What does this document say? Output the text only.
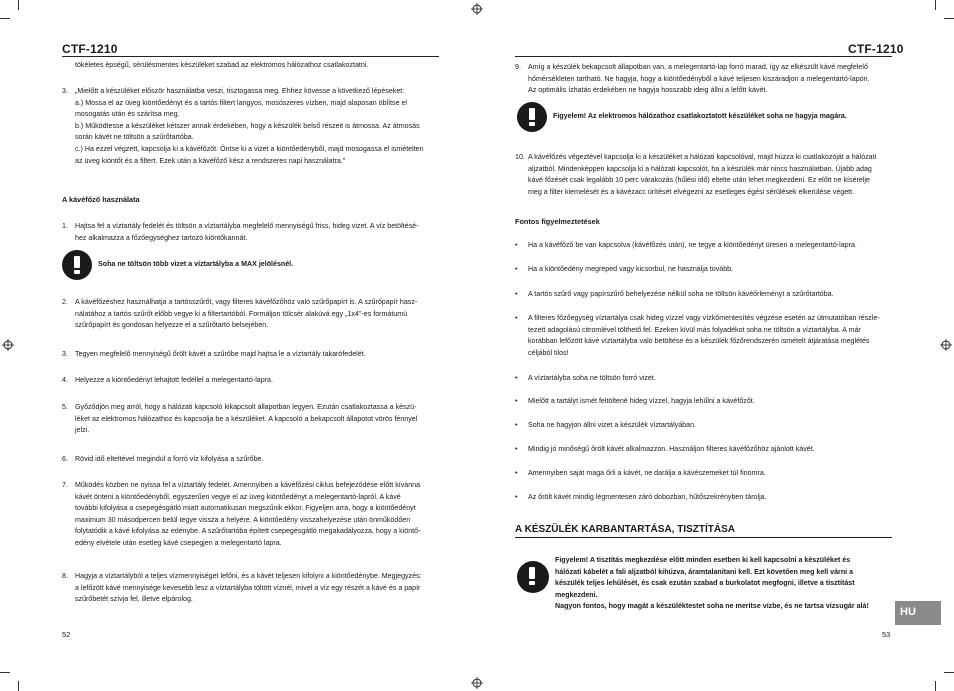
CTF-1210
tökéletes épségű, sérülésmentes készüléket szabad az elektromos hálózathoz csatlakoztatni.
3. „Mielőtt a készüléket először használatba veszi, tisztogassa meg. Ehhez kövesse a következő lépéseket:
a.) Mossa el az üveg kiöntőedényt és a tartós filtert langyos, mosószeres vízben, majd alaposan öblítse el
mosogatás után és szárítsa meg.
b.) Működtesse a készüléket kétszer annak érdekében, hogy a készülék belső részeit is átmossa. Az átmosás
során kávét ne töltsön a szűrőtartóba.
c.) Ha ezzel végzett, kapcsolja ki a kávéfőzőt. Öntse ki a vizet a kiöntőedényből, majd mosogassa el ismételten
az üveg kiöntőt és a filtert. Ezek után a kávéfőző kész a rendszeres napi használatra."
A kávéfőző használata
1. Hajtsa fel a víztartály fedelét és töltsön a víztartályba megfelelő mennyiségű friss, hideg vizet. A víz betöltésé-
hez alkalmazza a főzőegységhez tartozó kiöntőkannát.
Soha ne töltsön több vizet a víztartályba a MAX jelölésnél.
2. A kávéfőzéshez használhatja a tartósszűrőt, vagy filteres kávéfőzőhöz való szűrőpapírt is. A szűrőpapír hasz-
nálatához a tartós szűrőt előbb vegye ki a filtertartóból. Formáljon tölcsér alakúvá egy „1x4"-es formátumú
szűrőpapírt és gondosan helyezze el a szűrőtartó belsejében.
3. Tegyen megfelelő mennyiségű őrölt kávét a szűrőbe majd hajtsa le a víztartály takarófedelét.
4. Helyezze a kiöntőedényt lehajtott fedéllel a melegentartó-lapra.
5. Győződjön meg arról, hogy a hálózati kapcsoló kikapcsolt állapotban legyen. Ezután csatlakoztassa a készü-
léket az elektromos hálózathoz és kapcsolja be a készüléket. A kapcsoló a bekapcsolt állapotot vörös fénnyel
jelzi.
6. Rövid idő elteltével megindul a forró víz kifolyása a szűrőbe.
7. Működés közben ne nyissa fel a víztartály fedelét. Amennyiben a kávéfőzési ciklus befejeződése előtt kívánna
kávét önteni a kiöntőedényből, egyszerűen vegye el az üveg kiöntőedényt a melegentartó-lapról. A kávé
további kifolyása a csepegésgátló miatt automatikusan megszűnik ekkor. Figyeljen arra, hogy a kiöntőedényt
maximum 30 másodpercen belül tegye vissza a helyére. A kiöntőedény visszahelyezése után önműködően
folytatódik a kávé kifolyása az edénybe. A szűrőtartóba épített csepegésgátló megakadályozza, hogy a kiöntő-
edény elvétele után esetleg kávé csepegjen a melegentartó lapra.
8. Hagyja a víztartályból a teljes vízmennyiséget lefőni, és a kávét teljesen kifolyni a kiöntőedénybe. Megjegyzés:
a lefőzött kávé mennyisége kevesebb lesz a víztartályba töltött víznél, mivel a víz egy részét a kávé és a papír
szűrőbetét szívja fel, illetve elpárolog.
52
CTF-1210
9. Amíg a készülék bekapcsolt állapotban van, a melegentartó-lap forró marad, így az elkészült kávé megfelelő
hőmérsékleten tartható. Ne hagyja, hogy a kiöntőedényből a kávé teljesen kiszáradjon a melegentartó-lapon.
Az optimális ízhatás érdekében ne hagyja hosszabb ideig állni a lefőtt kávét.
Figyelem! Az elektromos hálózathoz csatlakoztatott készüléket soha ne hagyja magára.
10. A kávéfőzés végeztével kapcsolja ki a készüléket a hálózati kapcsolóval, majd húzza ki csatlakozóját a hálózati
aljzatból. Mindenképpen kapcsolja ki a hálózati kapcsolót, ha a készülék már nincs használatban. Újabb adag
kávé főzését csak legalább 10 perc várakozás (hűlési idő) eltelte után lehet megkezdeni. Ez előtt ne kísérelje
meg a filter kiemelését és a kávézacc ürítését elvégezni az esetleges égési sérülések elkerülése végett.
Fontos figyelmeztetések
• Ha a kávéfőző be van kapcsolva (kávéfőzés után), ne tegye a kiöntőedényt üresen a melegentartó-lapra.
• Ha a kiöntőedény megreped vagy kicsorbul, ne használja tovább.
• A tartós szűrő vagy papírszűrő behelyezése nélkül soha ne töltsön kávéőrleményt a szűrőtartóba.
• A filteres főzőegység víztartálya csak hideg vízzel vagy vízkőmentesítés végzése esetén az útmutatóban részle-
tezett adagolású citromlével tölthető fel. Ezeken kívül más folyadékot soha ne töltsön a víztartályba. A már
korábban lefőzött kávé víztartályba való betöltése és a készülék főzőrendszerén ismételt átjáratása meglétés
céljából tilos!
• A víztartályba soha ne töltsön forró vizet.
• Mielőtt a tartályt ismét feltöltené hideg vízzel, hagyja lehűlni a kávéfőzőt.
• Soha ne hagyjon állni vizet a készülék víztartályában.
• Mindig jó minőségű őrölt kávét alkalmazzon. Használjon filteres kávéfőzőhöz ajánlott kávét.
• Amennyiben saját maga őrli a kávét, ne darálja a kávészemeket túl finomra.
• Az őrölt kávét mindig légmentesen záró dobozban, hűtőszekrényben tárolja.
A KÉSZÜLÉK KARBANTARTÁSA, TISZTÍTÁSA
Figyelem! A tisztítás megkezdése előtt minden esetben ki kell kapcsolni a készüléket és
hálózati kábelét a fali aljzatból kihúzva, áramtalanítani kell. Ezt követően meg kell várni a
készülék teljes lehűlését, és csak ezután szabad a burkolatot megfogni, illetve a tisztítást
megkezdeni.
Nagyon fontos, hogy magát a készüléktestet soha ne merítse vízbe, és ne tartsa vízsugár alá!	HU
53
